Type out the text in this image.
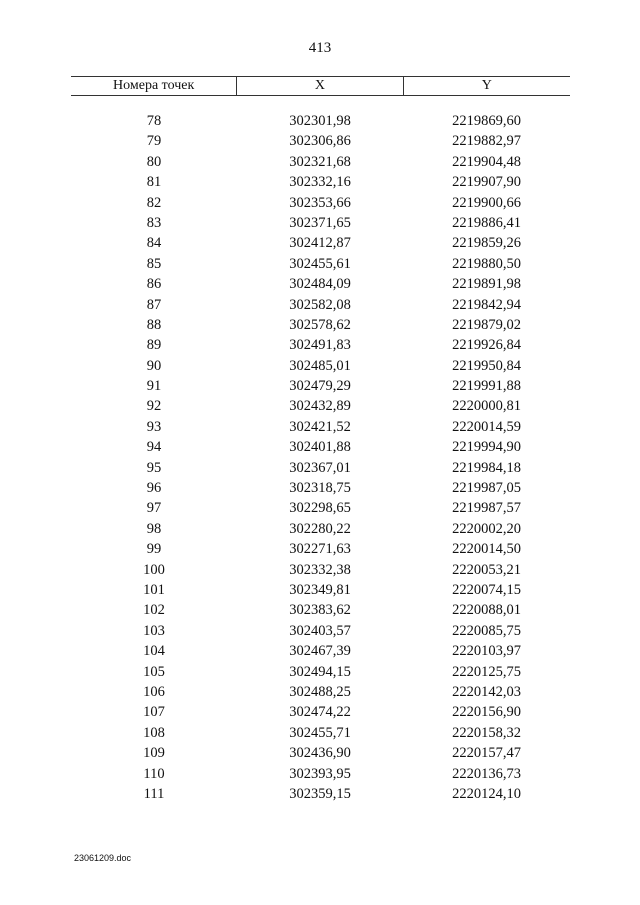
413
Номера точек	X	Y
78	302301,98	2219869,60
79	302306,86	2219882,97
80	302321,68	2219904,48
81	302332,16	2219907,90
82	302353,66	2219900,66
83	302371,65	2219886,41
84	302412,87	2219859,26
85	302455,61	2219880,50
86	302484,09	2219891,98
87	302582,08	2219842,94
88	302578,62	2219879,02
89	302491,83	2219926,84
90	302485,01	2219950,84
91	302479,29	2219991,88
92	302432,89	2220000,81
93	302421,52	2220014,59
94	302401,88	2219994,90
95	302367,01	2219984,18
96	302318,75	2219987,05
97	302298,65	2219987,57
98	302280,22	2220002,20
99	302271,63	2220014,50
100	302332,38	2220053,21
101	302349,81	2220074,15
102	302383,62	2220088,01
103	302403,57	2220085,75
104	302467,39	2220103,97
105	302494,15	2220125,75
106	302488,25	2220142,03
107	302474,22	2220156,90
108	302455,71	2220158,32
109	302436,90	2220157,47
110	302393,95	2220136,73
111	302359,15	2220124,10
23061209.doc
